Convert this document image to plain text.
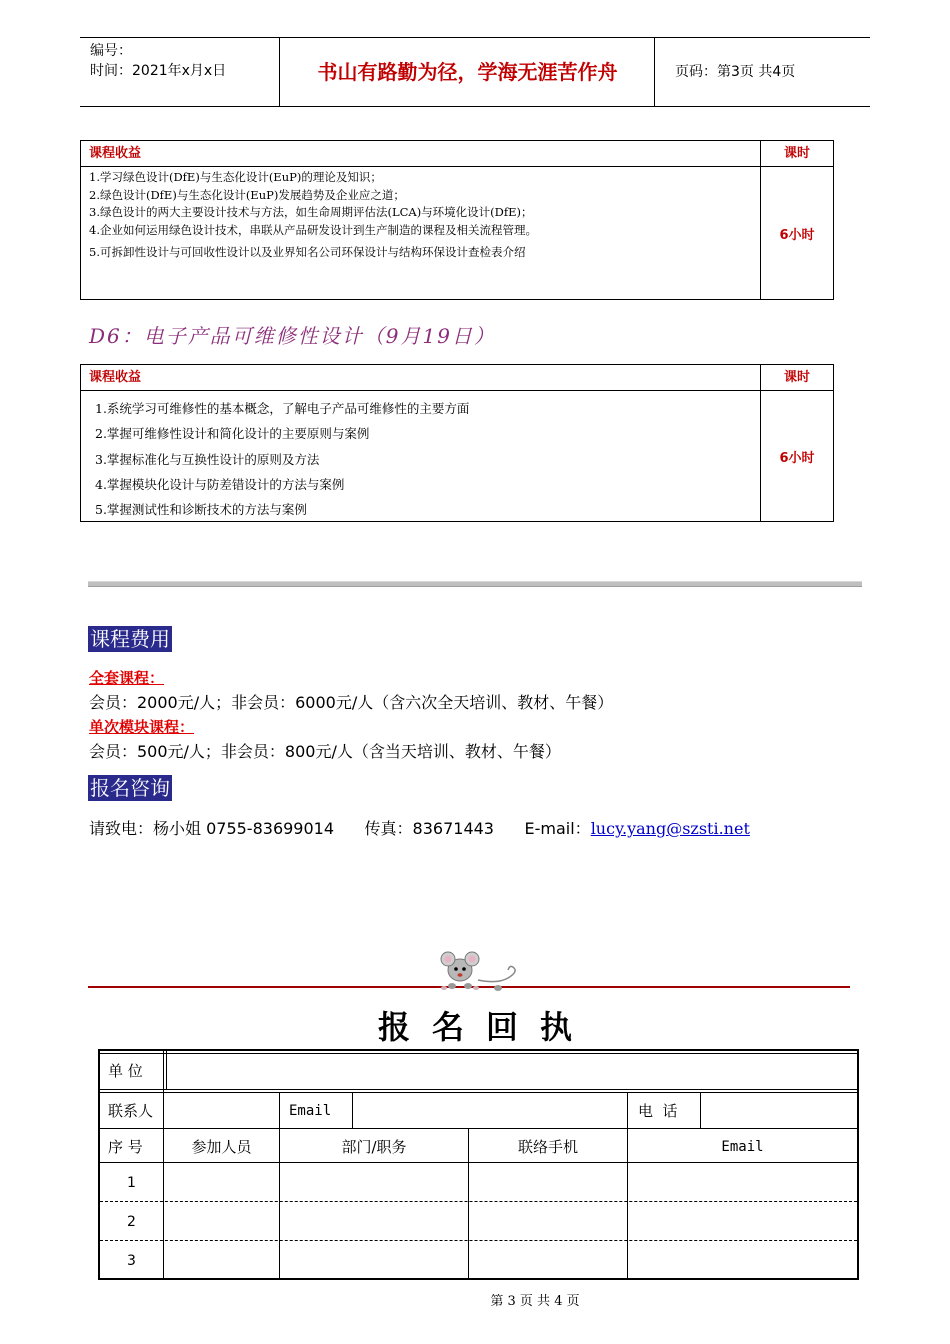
编号：
时间：2021年x月x日	书山有路勤为径，学海无涯苦作舟	页码：第3页 共4页
课程收益	课时
1.学习绿色设计(DfE)与生态化设计(EuP)的理论及知识；
2.绿色设计(DfE)与生态化设计(EuP)发展趋势及企业应之道；
3.绿色设计的两大主要设计技术与方法，如生命周期评估法(LCA)与环境化设计(DfE)；
4.企业如何运用绿色设计技术，串联从产品研发设计到生产制造的课程及相关流程管理。
5.可拆卸性设计与可回收性设计以及业界知名公司环保设计与结构环保设计查检表介绍
6小时
D6：电子产品可维修性设计（9月19日）
课程收益	课时
1.系统学习可维修性的基本概念，了解电子产品可维修性的主要方面
2.掌握可维修性设计和简化设计的主要原则与案例
3.掌握标准化与互换性设计的原则及方法
4.掌握模块化设计与防差错设计的方法与案例
5.掌握测试性和诊断技术的方法与案例
6小时
课程费用
全套课程：
会员：2000元/人；非会员：6000元/人（含六次全天培训、教材、午餐）
单次模块课程：
会员：500元/人；非会员：800元/人（含当天培训、教材、午餐）
报名咨询
请致电：杨小姐 0755-83699014 传真：83671443 E-mail：lucy.yang@szsti.net
报名回执
单 位
联系人	Email	电  话
序 号	参加人员	部门/职务	联络手机	Email
1
2
3
第 3 页 共 4 页
